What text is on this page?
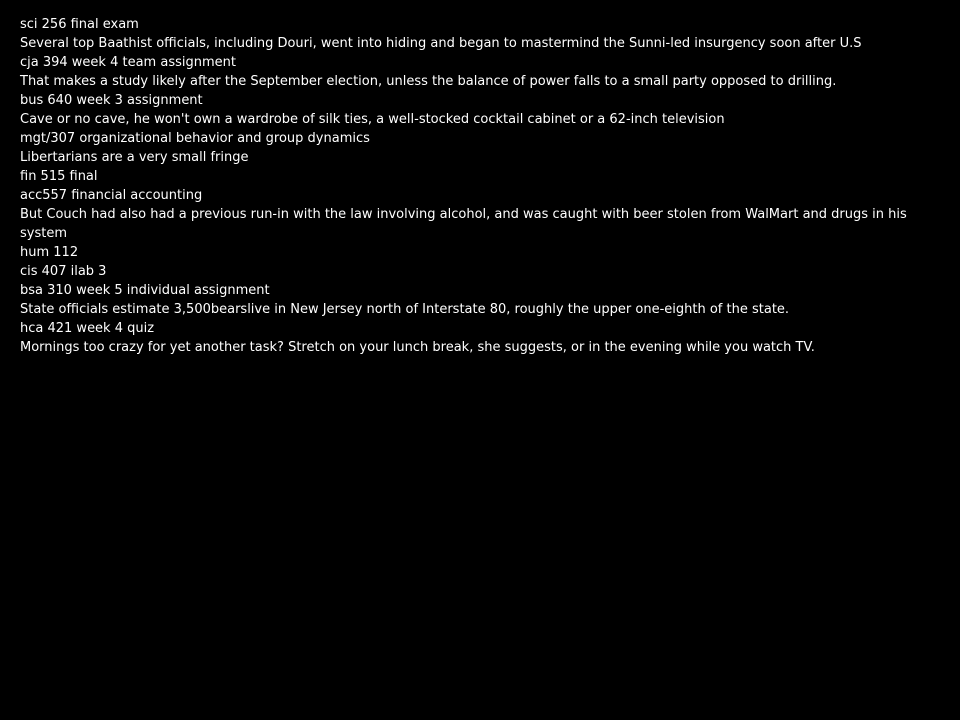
sci 256 final exam

Several top Baathist officials, including Douri, went into hiding and began to mastermind the Sunni-led insurgency soon after U.S

cja 394 week 4 team assignment

That makes a study likely after the September election, unless the balance of power falls to a small party opposed to drilling.

bus 640 week 3 assignment

Cave or no cave, he won't own a wardrobe of silk ties, a well-stocked cocktail cabinet or a 62-inch television

mgt/307 organizational behavior and group dynamics

Libertarians are a very small fringe

fin 515 final

acc557 financial accounting

But Couch had also had a previous run-in with the law involving alcohol, and was caught with beer stolen from WalMart and drugs in his system

hum 112

cis 407 ilab 3

bsa 310 week 5 individual assignment

State officials estimate 3,500bearslive in New Jersey north of Interstate 80, roughly the upper one-eighth of the state.

hca 421 week 4 quiz

Mornings too crazy for yet another task? Stretch on your lunch break, she suggests, or in the evening while you watch TV.
